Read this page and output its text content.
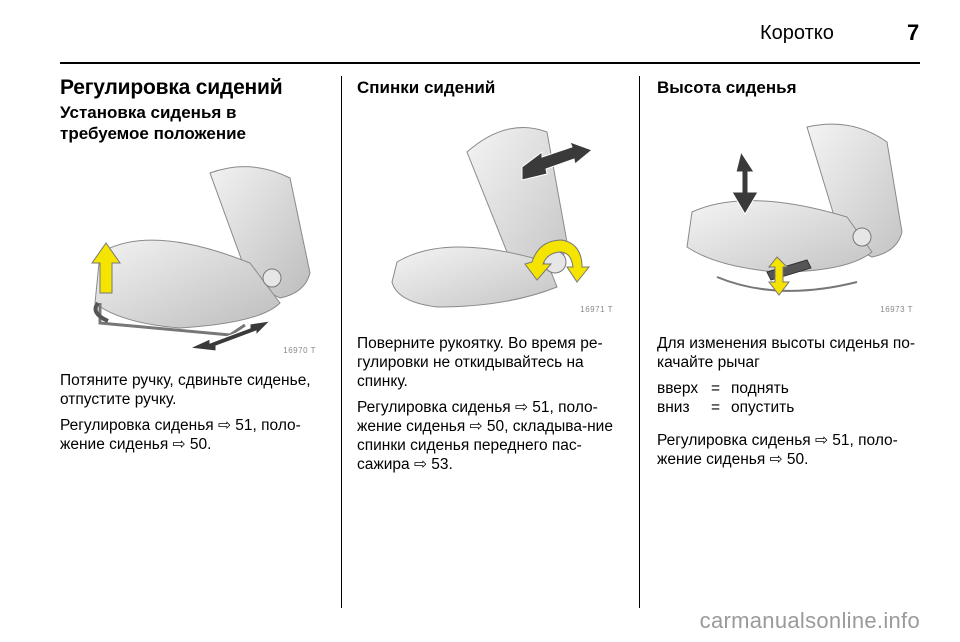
Коротко	7
Регулировка сидений
Установка сиденья в требуемое положение
16970 T

Потяните ручку, сдвиньте сиденье, отпустите ручку.

Регулировка сиденья ⇨ 51, поло-жение сиденья ⇨ 50.

Спинки сидений
16971 T

Поверните рукоятку. Во время ре-гулировки не откидывайтесь на спинку.

Регулировка сиденья ⇨ 51, поло-жение сиденья ⇨ 50, складыва-ние спинки сиденья переднего пас-сажира ⇨ 53.

Высота сиденья
16973 T

Для изменения высоты сиденья по-качайте рычаг

вверх	=	поднять
вниз	=	опустить

Регулировка сиденья ⇨ 51, поло-жение сиденья ⇨ 50.

carmanualsonline.info
